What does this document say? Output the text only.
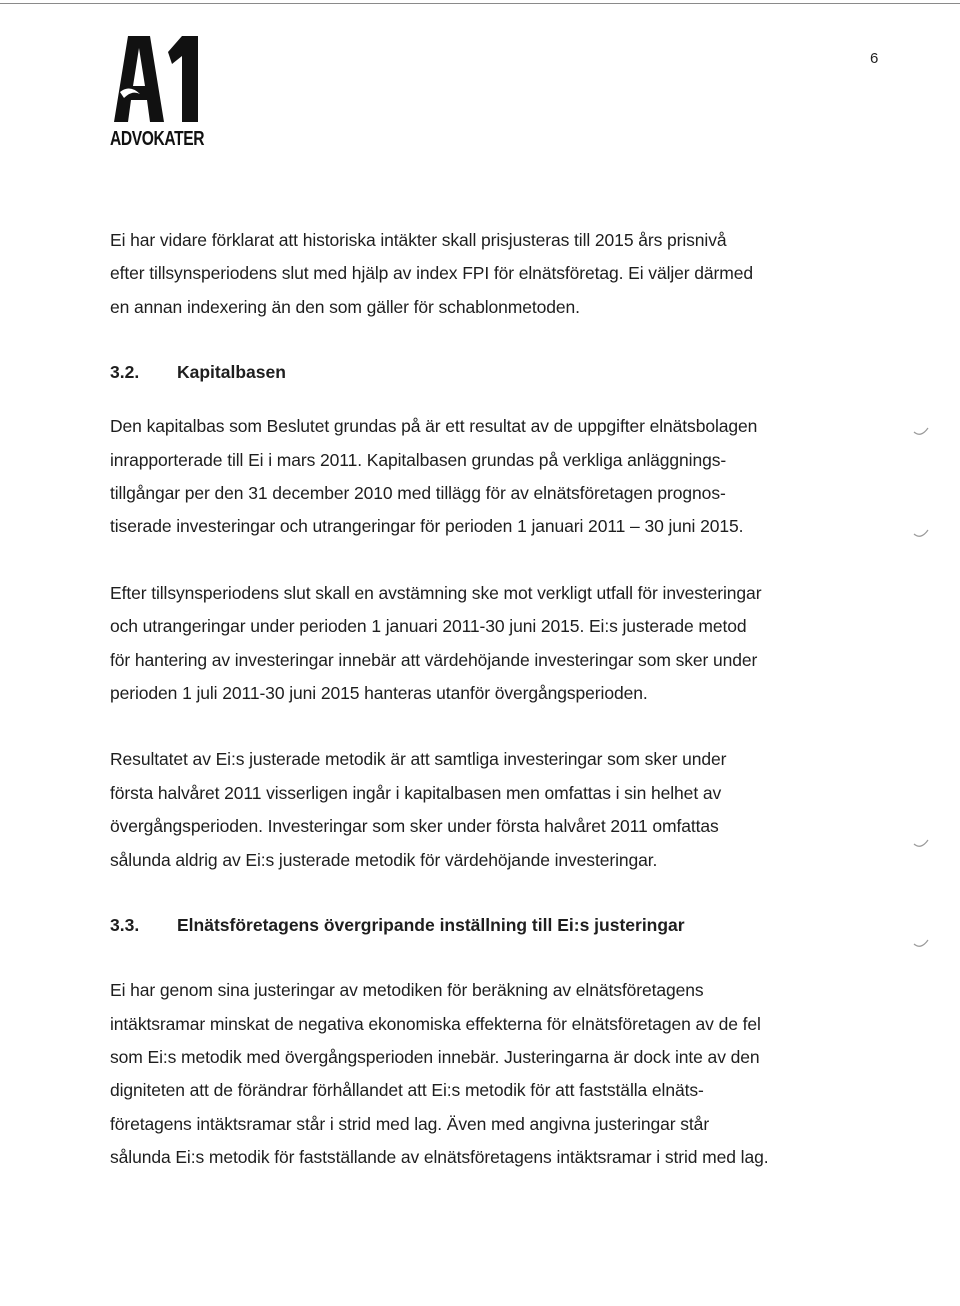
ADVOKATER
6

Ei har vidare förklarat att historiska intäkter skall prisjusteras till 2015 års prisnivå
efter tillsynsperiodens slut med hjälp av index FPI för elnätsföretag. Ei väljer därmed
en annan indexering än den som gäller för schablonmetoden.

3.2. Kapitalbasen

Den kapitalbas som Beslutet grundas på är ett resultat av de uppgifter elnätsbolagen
inrapporterade till Ei i mars 2011. Kapitalbasen grundas på verkliga anläggnings-
tillgångar per den 31 december 2010 med tillägg för av elnätsföretagen prognos-
tiserade investeringar och utrangeringar för perioden 1 januari 2011 – 30 juni 2015.

Efter tillsynsperiodens slut skall en avstämning ske mot verkligt utfall för investeringar
och utrangeringar under perioden 1 januari 2011-30 juni 2015. Ei:s justerade metod
för hantering av investeringar innebär att värdehöjande investeringar som sker under
perioden 1 juli 2011-30 juni 2015 hanteras utanför övergångsperioden.

Resultatet av Ei:s justerade metodik är att samtliga investeringar som sker under
första halvåret 2011 visserligen ingår i kapitalbasen men omfattas i sin helhet av
övergångsperioden. Investeringar som sker under första halvåret 2011 omfattas
sålunda aldrig av Ei:s justerade metodik för värdehöjande investeringar.

3.3. Elnätsföretagens övergripande inställning till Ei:s justeringar

Ei har genom sina justeringar av metodiken för beräkning av elnätsföretagens
intäktsramar minskat de negativa ekonomiska effekterna för elnätsföretagen av de fel
som Ei:s metodik med övergångsperioden innebär. Justeringarna är dock inte av den
digniteten att de förändrar förhållandet att Ei:s metodik för att fastställa elnäts-
företagens intäktsramar står i strid med lag. Även med angivna justeringar står
sålunda Ei:s metodik för fastställande av elnätsföretagens intäktsramar i strid med lag.
